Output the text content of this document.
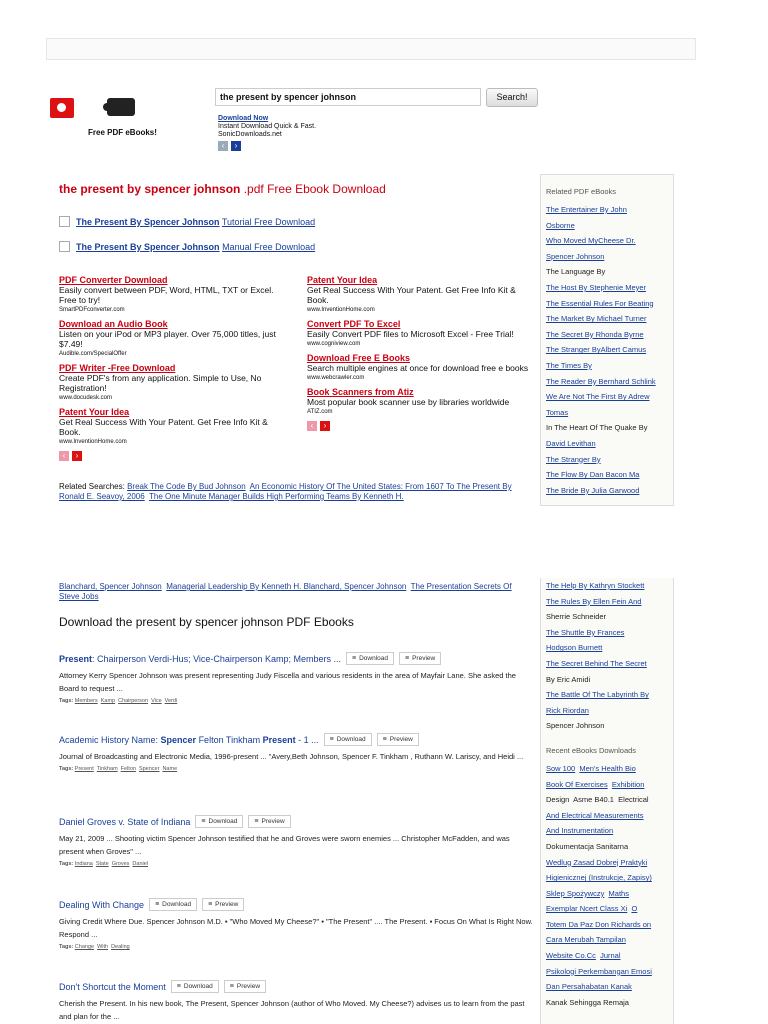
Free PDF eBooks!
the present by spencer johnson
Search!
Download Now
Instant Download Quick & Fast.
SonicDownloads.net
‹	›
the present by spencer johnson .pdf Free Ebook Download
The Present By Spencer Johnson Tutorial Free Download
The Present By Spencer Johnson Manual Free Download
PDF Converter Download
Easily convert between PDF, Word, HTML, TXT or Excel. Free to try!
SmartPDFconverter.com
Download an Audio Book
Listen on your iPod or MP3 player. Over 75,000 titles, just $7.49!
Audible.com/SpecialOffer
PDF Writer -Free Download
Create PDF's from any application. Simple to Use, No Registration!
www.docudesk.com
Patent Your Idea
Get Real Success With Your Patent. Get Free Info Kit & Book.
www.InventionHome.com
‹	›
Patent Your Idea
Get Real Success With Your Patent. Get Free Info Kit & Book.
www.InventionHome.com
Convert PDF To Excel
Easily Convert PDF files to Microsoft Excel - Free Trial!
www.cogniview.com
Download Free E Books
Search multiple engines at once for download free e books
www.webcrawler.com
Book Scanners from Atiz
Most popular book scanner use by libraries worldwide
ATIZ.com
‹	›
Related Searches: Break The Code By Bud Johnson An Economic History Of The United States: From 1607 To The Present By Ronald E. Seavoy, 2006 The One Minute Manager Builds High Performing Teams By Kenneth H.
Related PDF eBooks
The Entertainer By John
Osborne
Who Moved MyCheese Dr.
Spencer Johnson
The Language By
The Host By Stephenie Meyer
The Essential Rules For Beating
The Market By Michael Turner
The Secret By Rhonda Byrne
The Stranger ByAlbert Camus
The Times By
The Reader By Bernhard Schlink
We Are Not The First By Adrew
Tomas
In The Heart Of The Quake By
David Levithan
The Stranger By
The Flow By Dan Bacon Ma
The Bride By Julia Garwood
Blanchard, Spencer Johnson Managerial Leadership By Kenneth H. Blanchard, Spencer Johnson The Presentation Secrets Of Steve Jobs
Download the present by spencer johnson PDF Ebooks
Present: Chairperson Verdi-Hus; Vice-Chairperson Kamp; Members ... ≡ Download ≡ Preview
Attorney Kerry Spencer Johnson was present representing Judy Fiscella and various residents in the area of Mayfair Lane. She asked the Board to request ...
Tags: Members Kamp Chairperson Vice Verdi
Academic History Name: Spencer Felton Tinkham Present - 1 ... ≡ Download ≡ Preview
Journal of Broadcasting and Electronic Media, 1996-present ... "Avery,Beth Johnson, Spencer F. Tinkham , Ruthann W. Lariscy, and Heidi ...
Tags: Present Tinkham Felton Spencer Name
Daniel Groves v. State of Indiana ≡ Download ≡ Preview
May 21, 2009 ... Shooting victim Spencer Johnson testified that he and Groves were sworn enemies ... Christopher McFadden, and was present when Groves" ...
Tags: Indiana State Groves Daniel
Dealing With Change ≡ Download ≡ Preview
Giving Credit Where Due. Spencer Johnson M.D. ▪ "Who Moved My Cheese?" ▪ "The Present" .... The Present. ▪ Focus On What Is Right Now. Respond ...
Tags: Change With Dealing
Don't Shortcut the Moment ≡ Download ≡ Preview
Cherish the Present. In his new book, The Present, Spencer Johnson (author of Who Moved. My Cheese?) advises us to learn from the past and plan for the ...
The Help By Kathryn Stockett
The Rules By Ellen Fein And
Sherrie Schneider
The Shuttle By Frances
Hodgson Burnett
The Secret Behind The Secret
By Eric Amidi
The Battle Of The Labyrinth By
Rick Riordan
Spencer Johnson
Recent eBooks Downloads
Sow 100 Men's Health Bio
Book Of Exercises Exhibition
Design Asme B40.1 Electrical
And Electrical Measurements
And Instrumentation
Dokumentacja Sanitarna
Wedlug Zasad Dobrej Praktyki
Higienicznej (Instrukcje, Zapisy)
Sklep Spożywczy Maths
Exemplar Ncert Class Xi O
Totem Da Paz Don Richards on
Cara Merubah Tampilan
Website Co.Cc Jurnal
Psikologi Perkembangan Emosi
Dan Persahabatan Kanak
Kanak Sehingga Remaja
